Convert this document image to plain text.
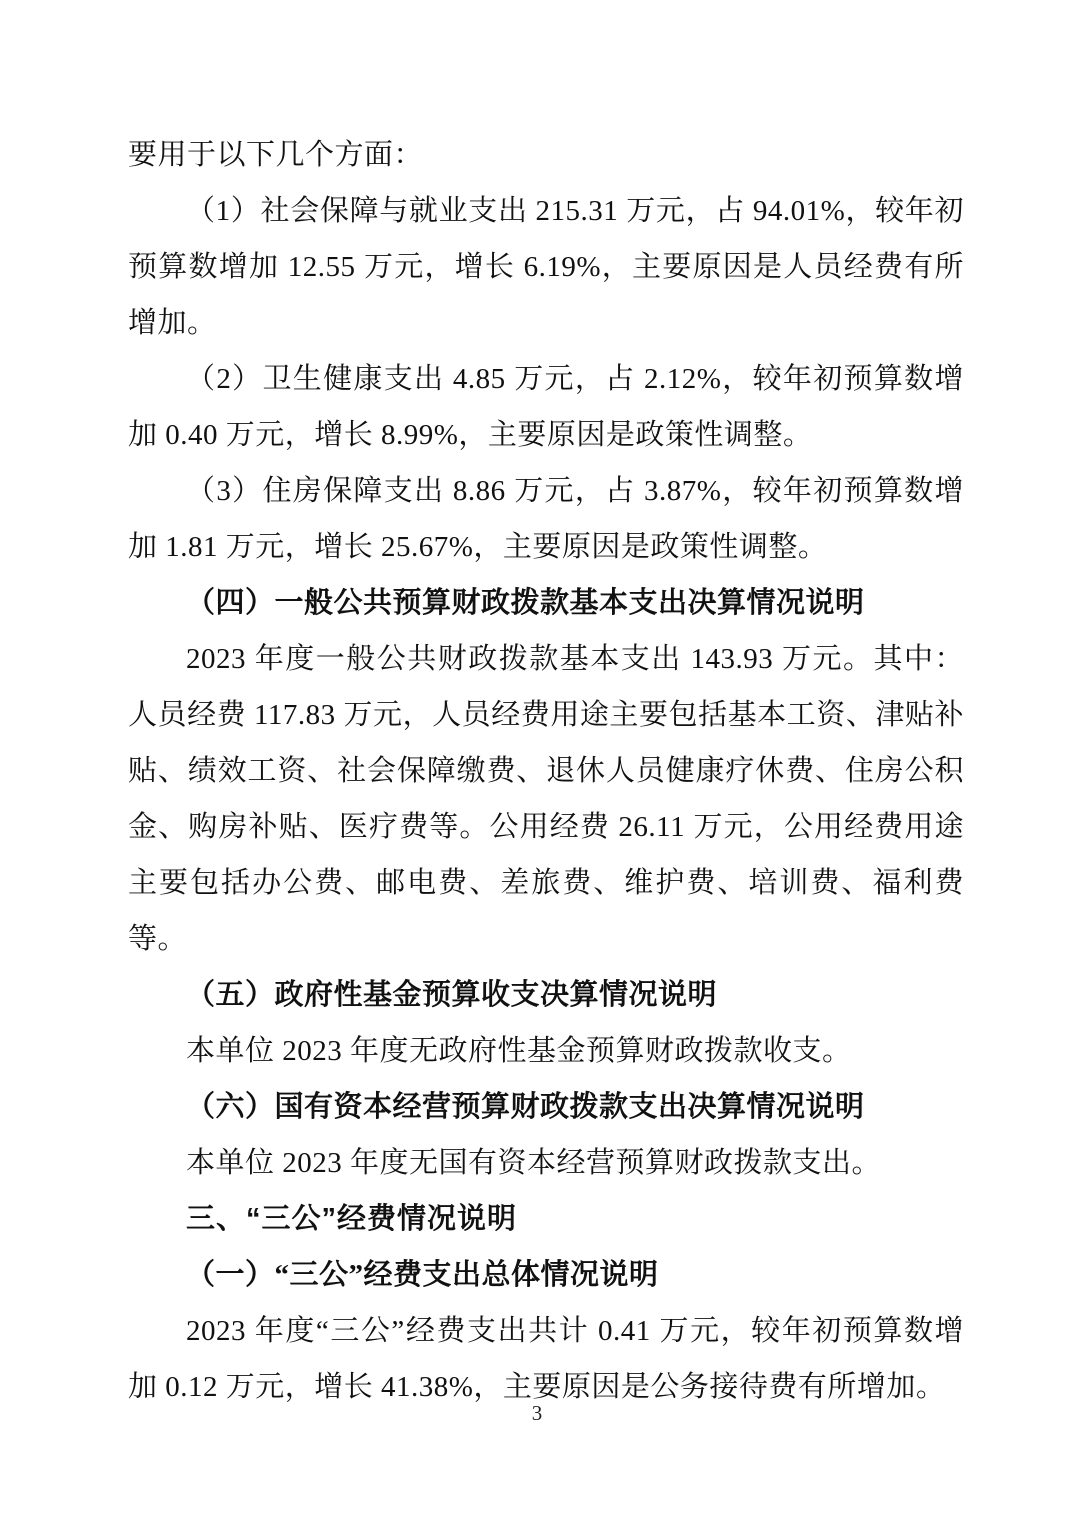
要用于以下几个方面：

（1）社会保障与就业支出 215.31 万元，占 94.01%，较年初预算数增加 12.55 万元，增长 6.19%，主要原因是人员经费有所增加。

（2）卫生健康支出 4.85 万元，占 2.12%，较年初预算数增加 0.40 万元，增长 8.99%，主要原因是政策性调整。

（3）住房保障支出 8.86 万元，占 3.87%，较年初预算数增加 1.81 万元，增长 25.67%，主要原因是政策性调整。

（四）一般公共预算财政拨款基本支出决算情况说明

2023 年度一般公共财政拨款基本支出 143.93 万元。其中：人员经费 117.83 万元，人员经费用途主要包括基本工资、津贴补贴、绩效工资、社会保障缴费、退休人员健康疗休费、住房公积金、购房补贴、医疗费等。公用经费 26.11 万元，公用经费用途主要包括办公费、邮电费、差旅费、维护费、培训费、福利费等。

（五）政府性基金预算收支决算情况说明

本单位 2023 年度无政府性基金预算财政拨款收支。

（六）国有资本经营预算财政拨款支出决算情况说明

本单位 2023 年度无国有资本经营预算财政拨款支出。

三、“三公”经费情况说明

（一）“三公”经费支出总体情况说明

2023 年度“三公”经费支出共计 0.41 万元，较年初预算数增加 0.12 万元，增长 41.38%，主要原因是公务接待费有所增加。

3
